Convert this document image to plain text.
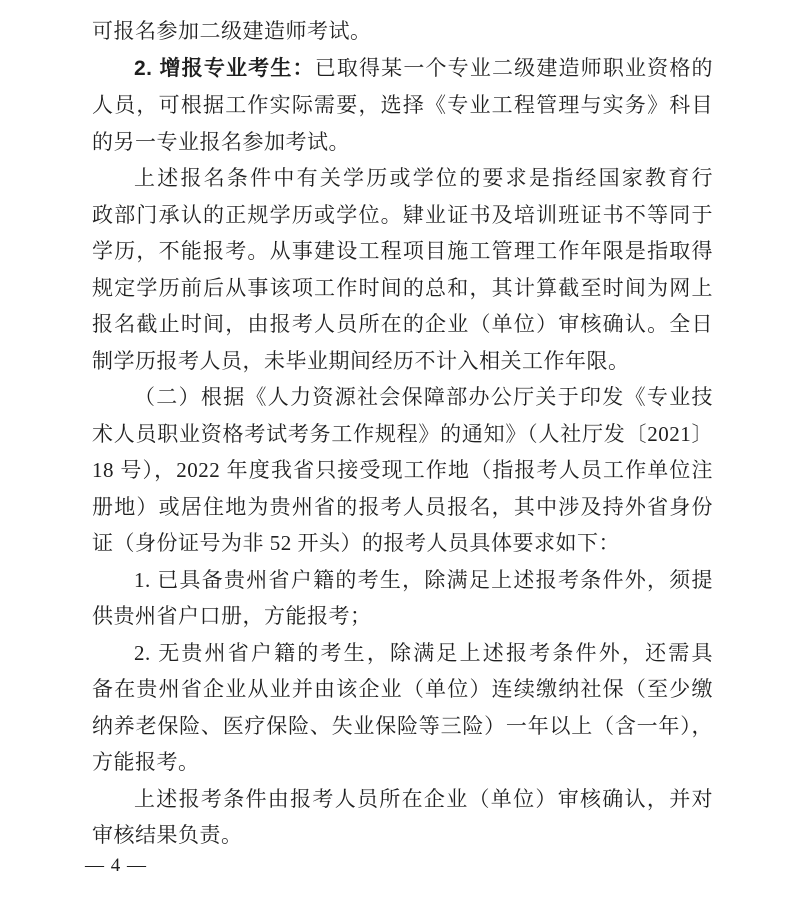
可报名参加二级建造师考试。
2. 增报专业考生：已取得某一个专业二级建造师职业资格的
人员，可根据工作实际需要，选择《专业工程管理与实务》科目
的另一专业报名参加考试。
上述报名条件中有关学历或学位的要求是指经国家教育行
政部门承认的正规学历或学位。肄业证书及培训班证书不等同于
学历，不能报考。从事建设工程项目施工管理工作年限是指取得
规定学历前后从事该项工作时间的总和，其计算截至时间为网上
报名截止时间，由报考人员所在的企业（单位）审核确认。全日
制学历报考人员，未毕业期间经历不计入相关工作年限。
（二）根据《人力资源社会保障部办公厅关于印发《专业技
术人员职业资格考试考务工作规程》的通知》（人社厅发〔2021〕
18 号），2022 年度我省只接受现工作地（指报考人员工作单位注
册地）或居住地为贵州省的报考人员报名，其中涉及持外省身份
证（身份证号为非 52 开头）的报考人员具体要求如下：
1. 已具备贵州省户籍的考生，除满足上述报考条件外，须提
供贵州省户口册，方能报考；
2. 无贵州省户籍的考生，除满足上述报考条件外，还需具
备在贵州省企业从业并由该企业（单位）连续缴纳社保（至少缴
纳养老保险、医疗保险、失业保险等三险）一年以上（含一年），
方能报考。
上述报考条件由报考人员所在企业（单位）审核确认，并对
审核结果负责。
— 4 —
